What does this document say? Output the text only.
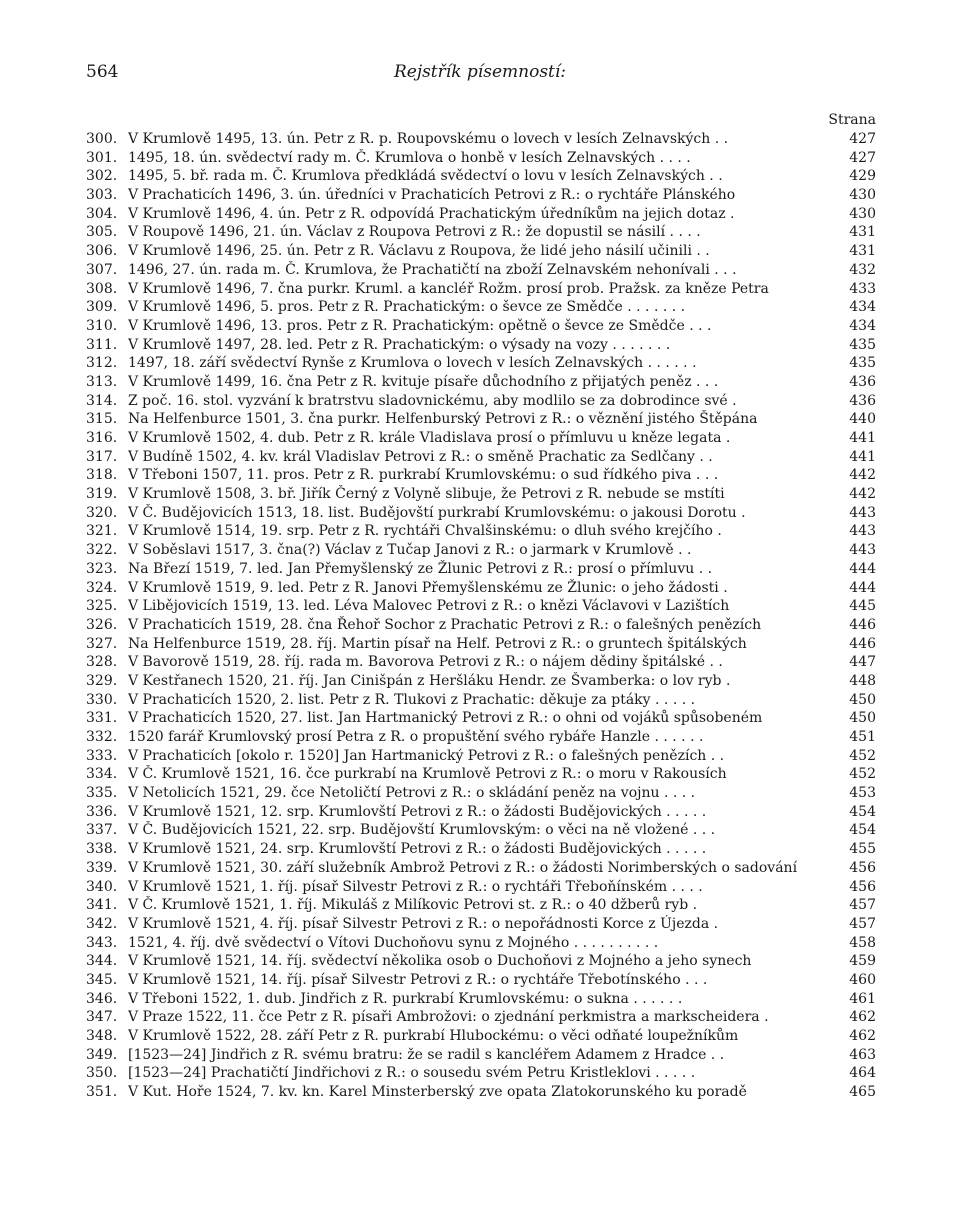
564	Rejstřík písemností:
Strana
300. V Krumlově 1495, 13. ún. Petr z R. p. Roupovskému o lovech v lesích Zelnavských . .	427
301. 1495, 18. ún. svědectví rady m. Č. Krumlova o honbě v lesích Zelnavských . . . .	427
302. 1495, 5. bř. rada m. Č. Krumlova předkládá svědectví o lovu v lesích Zelnavských . .	429
303. V Prachaticích 1496, 3. ún. úředníci v Prachaticích Petrovi z R.: o rychtáře Plánského	430
304. V Krumlově 1496, 4. ún. Petr z R. odpovídá Prachatickým úředníkům na jejich dotaz .	430
305. V Roupově 1496, 21. ún. Václav z Roupova Petrovi z R.: že dopustil se násilí . . . .	431
306. V Krumlově 1496, 25. ún. Petr z R. Václavu z Roupova, že lidé jeho násilí učinili . .	431
307. 1496, 27. ún. rada m. Č. Krumlova, že Prachatičtí na zboží Zelnavském nehonívali . . .	432
308. V Krumlově 1496, 7. čna purkr. Kruml. a kancléř Rožm. prosí prob. Pražsk. za kněze Petra	433
309. V Krumlově 1496, 5. pros. Petr z R. Prachatickým: o ševce ze Smědče . . . . . . .	434
310. V Krumlově 1496, 13. pros. Petr z R. Prachatickým: opětně o ševce ze Smědče . . .	434
311. V Krumlově 1497, 28. led. Petr z R. Prachatickým: o výsady na vozy . . . . . . .	435
312. 1497, 18. září svědectví Rynše z Krumlova o lovech v lesích Zelnavských . . . . . .	435
313. V Krumlově 1499, 16. čna Petr z R. kvituje písaře důchodního z přijatých peněz . . .	436
314. Z poč. 16. stol. vyzvání k bratrstvu sladovnickému, aby modlilo se za dobrodince své .	436
315. Na Helfenburce 1501, 3. čna purkr. Helfenburský Petrovi z R.: o věznění jistého Štěpána	440
316. V Krumlově 1502, 4. dub. Petr z R. krále Vladislava prosí o přímluvu u kněze legata .	441
317. V Budíně 1502, 4. kv. král Vladislav Petrovi z R.: o směně Prachatic za Sedlčany . .	441
318. V Třeboni 1507, 11. pros. Petr z R. purkrabí Krumlovskému: o sud řídkého piva . . .	442
319. V Krumlově 1508, 3. bř. Jiřík Černý z Volyně slibuje, že Petrovi z R. nebude se mstíti	442
320. V Č. Budějovicích 1513, 18. list. Budějovští purkrabí Krumlovskému: o jakousi Dorotu .	443
321. V Krumlově 1514, 19. srp. Petr z R. rychtáři Chvalšinskému: o dluh svého krejčího .	443
322. V Soběslavi 1517, 3. čna(?) Václav z Tučap Janovi z R.: o jarmark v Krumlově . .	443
323. Na Březí 1519, 7. led. Jan Přemyšlenský ze Žlunic Petrovi z R.: prosí o přímluvu . .	444
324. V Krumlově 1519, 9. led. Petr z R. Janovi Přemyšlenskému ze Žlunic: o jeho žádosti .	444
325. V Libějovicích 1519, 13. led. Léva Malovec Petrovi z R.: o knězi Václavovi v Lazištích	445
326. V Prachaticích 1519, 28. čna Řehoř Sochor z Prachatic Petrovi z R.: o falešných penězích	446
327. Na Helfenburce 1519, 28. říj. Martin písař na Helf. Petrovi z R.: o gruntech špitálských	446
328. V Bavorově 1519, 28. říj. rada m. Bavorova Petrovi z R.: o nájem dědiny špitálské . .	447
329. V Kestřanech 1520, 21. říj. Jan Cinišpán z Heršláku Hendr. ze Švamberka: o lov ryb .	448
330. V Prachaticích 1520, 2. list. Petr z R. Tlukovi z Prachatic: děkuje za ptáky . . . . .	450
331. V Prachaticích 1520, 27. list. Jan Hartmanický Petrovi z R.: o ohni od vojáků spůsobeném	450
332. 1520 farář Krumlovský prosí Petra z R. o propuštění svého rybáře Hanzle . . . . . .	451
333. V Prachaticích [okolo r. 1520] Jan Hartmanický Petrovi z R.: o falešných penězích . .	452
334. V Č. Krumlově 1521, 16. čce purkrabí na Krumlově Petrovi z R.: o moru v Rakousích	452
335. V Netolicích 1521, 29. čce Netoličtí Petrovi z R.: o skládání peněz na vojnu . . . .	453
336. V Krumlově 1521, 12. srp. Krumlovští Petrovi z R.: o žádosti Budějovických . . . . .	454
337. V Č. Budějovicích 1521, 22. srp. Budějovští Krumlovským: o věci na ně vložené . . .	454
338. V Krumlově 1521, 24. srp. Krumlovští Petrovi z R.: o žádosti Budějovických . . . . .	455
339. V Krumlově 1521, 30. září služebník Ambrož Petrovi z R.: o žádosti Norimberských o sadování	456
340. V Krumlově 1521, 1. říj. písař Silvestr Petrovi z R.: o rychtáři Třeboňínském . . . .	456
341. V Č. Krumlově 1521, 1. říj. Mikuláš z Milíkovic Petrovi st. z R.: o 40 džberů ryb .	457
342. V Krumlově 1521, 4. říj. písař Silvestr Petrovi z R.: o nepořádnosti Korce z Újezda .	457
343. 1521, 4. říj. dvě svědectví o Vítovi Duchoňovu synu z Mojného . . . . . . . . . .	458
344. V Krumlově 1521, 14. říj. svědectví několika osob o Duchoňovi z Mojného a jeho synech	459
345. V Krumlově 1521, 14. říj. písař Silvestr Petrovi z R.: o rychtáře Třebotínského . . .	460
346. V Třeboni 1522, 1. dub. Jindřich z R. purkrabí Krumlovskému: o sukna . . . . . .	461
347. V Praze 1522, 11. čce Petr z R. písaři Ambrožovi: o zjednání perkmistra a markscheidera .	462
348. V Krumlově 1522, 28. září Petr z R. purkrabí Hlubockému: o věci odňaté loupežníkům	462
349. [1523—24] Jindřich z R. svému bratru: že se radil s kancléřem Adamem z Hradce . .	463
350. [1523—24] Prachatičtí Jindřichovi z R.: o sousedu svém Petru Kristleklovi . . . . .	464
351. V Kut. Hoře 1524, 7. kv. kn. Karel Minsterberský zve opata Zlatokorunského ku poradě	465
